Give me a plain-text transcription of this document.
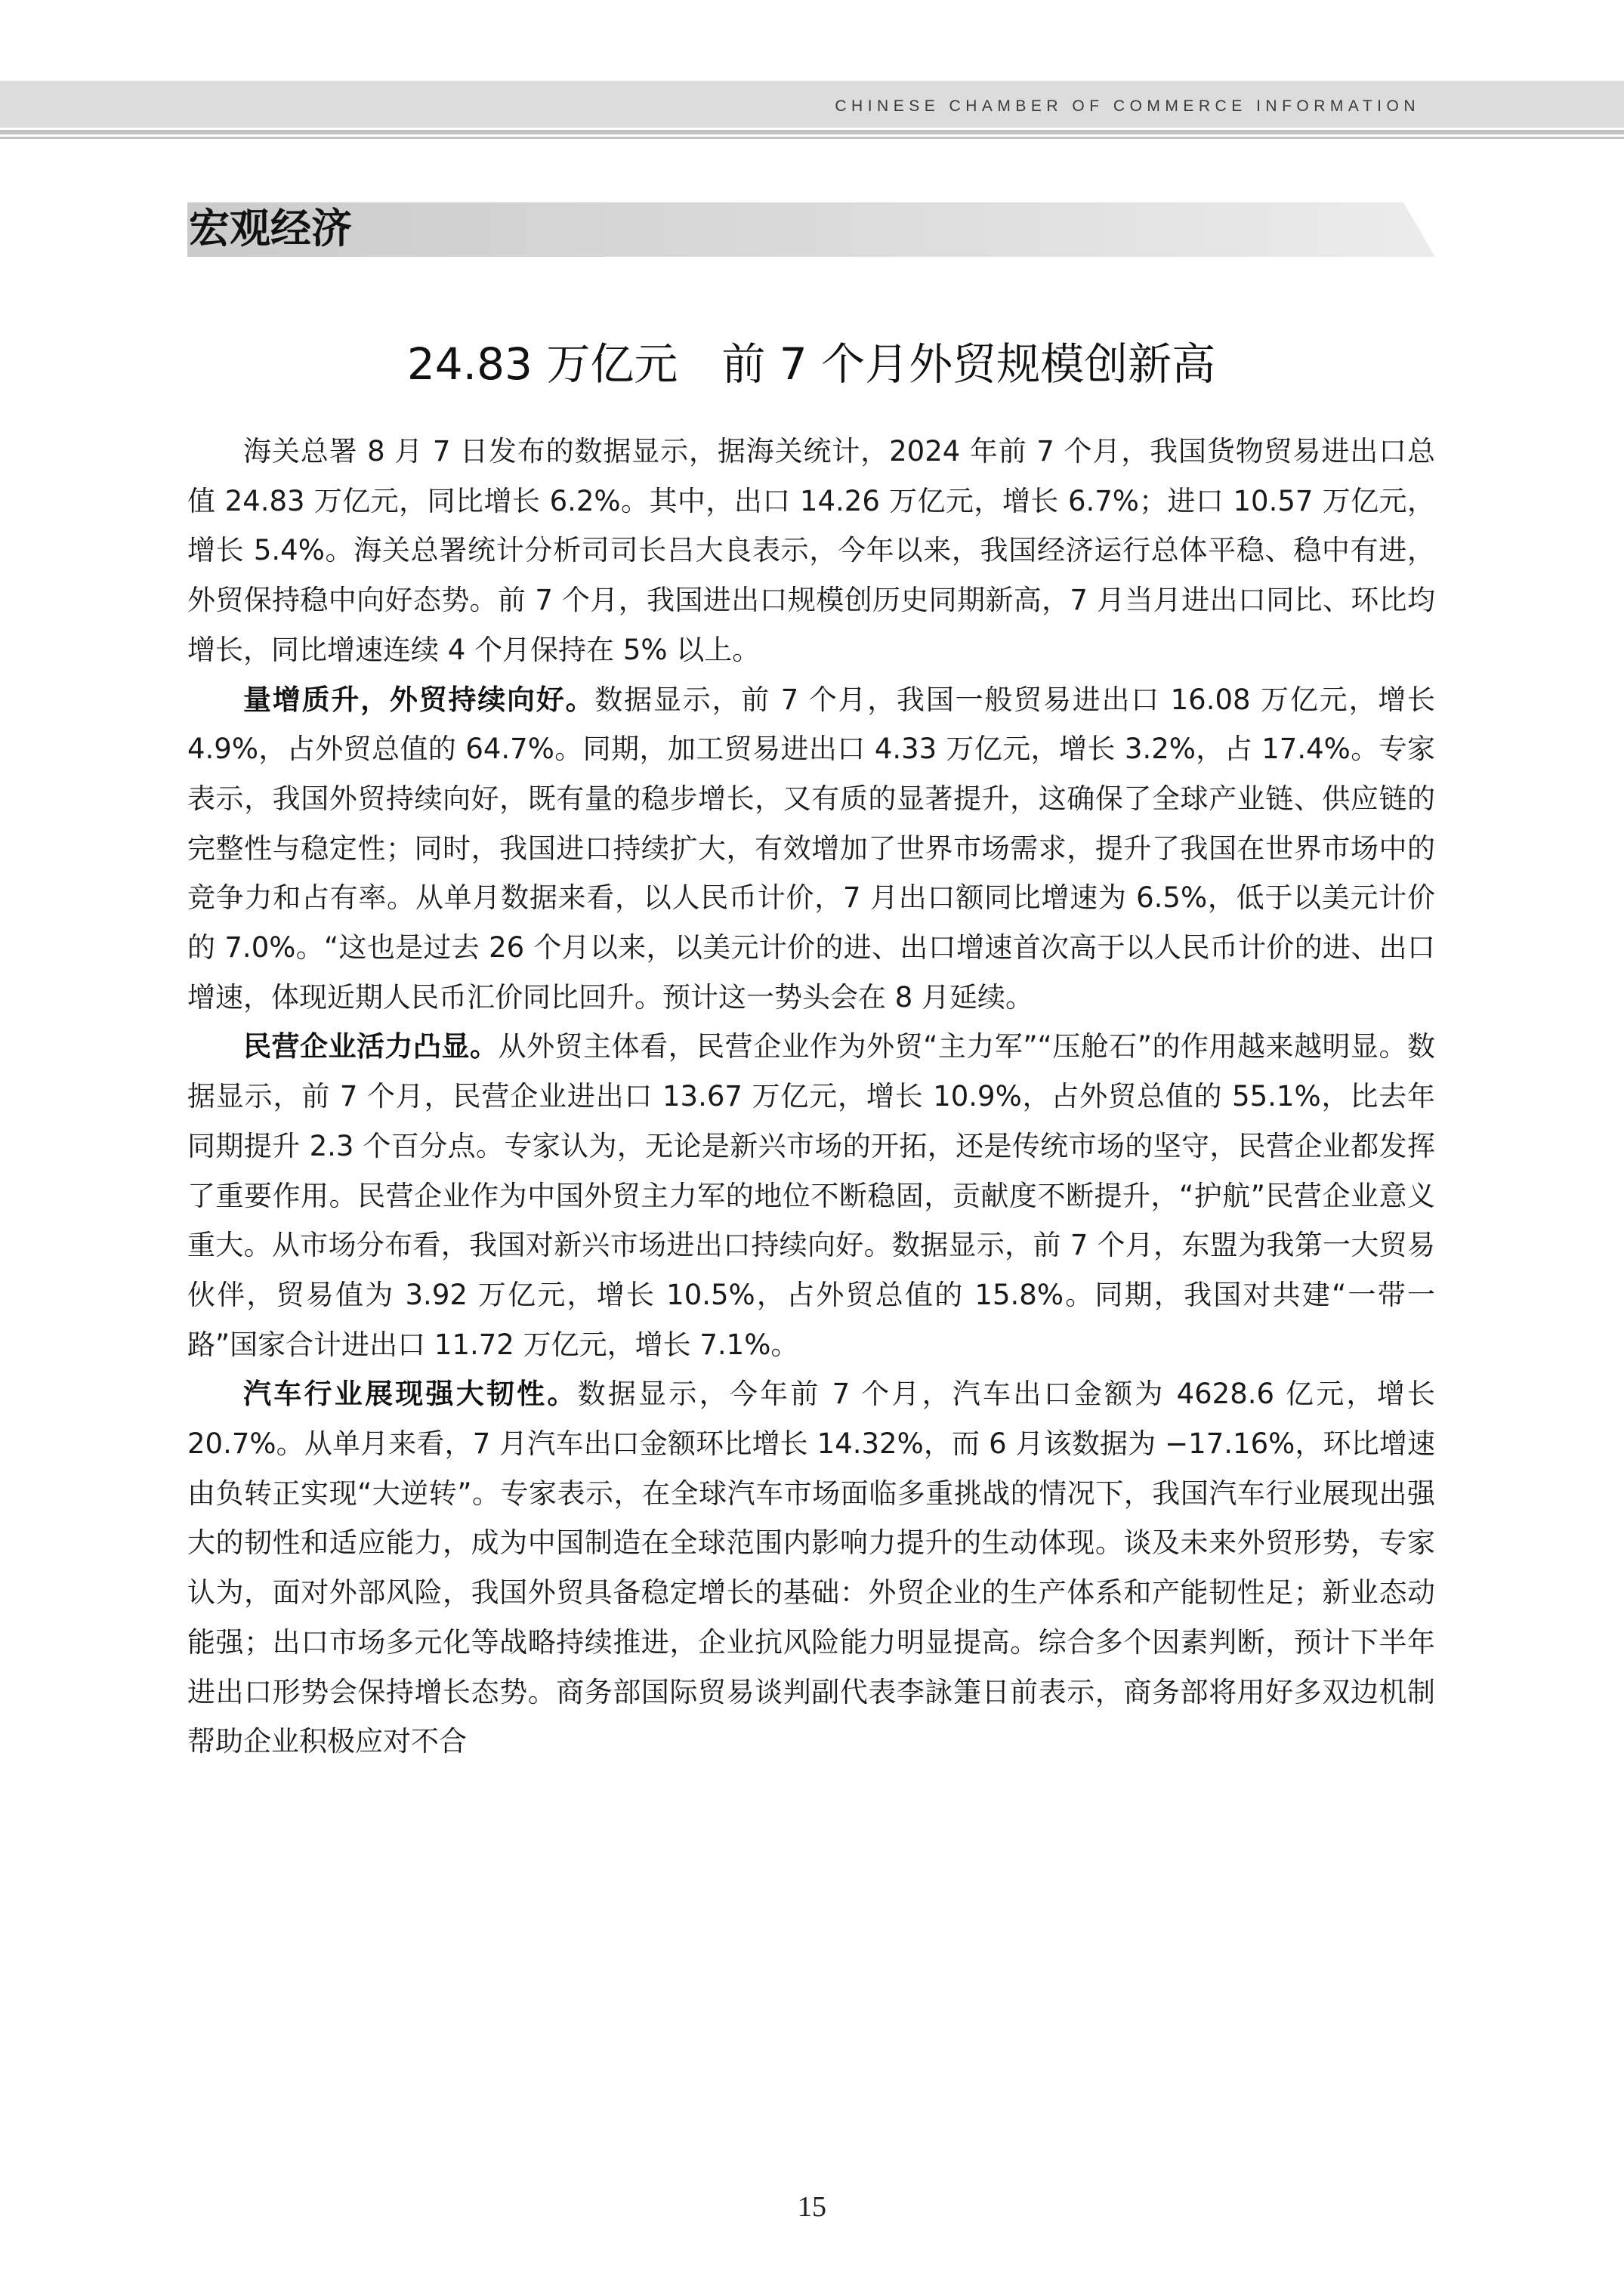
CHINESE CHAMBER OF COMMERCE INFORMATION
宏观经济
24.83 万亿元　前 7 个月外贸规模创新高

海关总署 8 月 7 日发布的数据显示，据海关统计，2024 年前 7 个月，我国货物贸易进出口总值 24.83 万亿元，同比增长 6.2%。其中，出口 14.26 万亿元，增长 6.7%；进口 10.57 万亿元，增长 5.4%。海关总署统计分析司司长吕大良表示，今年以来，我国经济运行总体平稳、稳中有进，外贸保持稳中向好态势。前 7 个月，我国进出口规模创历史同期新高，7 月当月进出口同比、环比均增长，同比增速连续 4 个月保持在 5% 以上。

量增质升，外贸持续向好。数据显示，前 7 个月，我国一般贸易进出口 16.08 万亿元，增长 4.9%，占外贸总值的 64.7%。同期，加工贸易进出口 4.33 万亿元，增长 3.2%，占 17.4%。专家表示，我国外贸持续向好，既有量的稳步增长，又有质的显著提升，这确保了全球产业链、供应链的完整性与稳定性；同时，我国进口持续扩大，有效增加了世界市场需求，提升了我国在世界市场中的竞争力和占有率。从单月数据来看，以人民币计价，7 月出口额同比增速为 6.5%，低于以美元计价的 7.0%。“这也是过去 26 个月以来，以美元计价的进、出口增速首次高于以人民币计价的进、出口增速，体现近期人民币汇价同比回升。预计这一势头会在 8 月延续。

民营企业活力凸显。从外贸主体看，民营企业作为外贸“主力军”“压舱石”的作用越来越明显。数据显示，前 7 个月，民营企业进出口 13.67 万亿元，增长 10.9%，占外贸总值的 55.1%，比去年同期提升 2.3 个百分点。专家认为，无论是新兴市场的开拓，还是传统市场的坚守，民营企业都发挥了重要作用。民营企业作为中国外贸主力军的地位不断稳固，贡献度不断提升，“护航”民营企业意义重大。从市场分布看，我国对新兴市场进出口持续向好。数据显示，前 7 个月，东盟为我第一大贸易伙伴，贸易值为 3.92 万亿元，增长 10.5%，占外贸总值的 15.8%。同期，我国对共建“一带一路”国家合计进出口 11.72 万亿元，增长 7.1%。

汽车行业展现强大韧性。数据显示，今年前 7 个月，汽车出口金额为 4628.6 亿元，增长 20.7%。从单月来看，7 月汽车出口金额环比增长 14.32%，而 6 月该数据为 −17.16%，环比增速由负转正实现“大逆转”。专家表示，在全球汽车市场面临多重挑战的情况下，我国汽车行业展现出强大的韧性和适应能力，成为中国制造在全球范围内影响力提升的生动体现。谈及未来外贸形势，专家认为，面对外部风险，我国外贸具备稳定增长的基础：外贸企业的生产体系和产能韧性足；新业态动能强；出口市场多元化等战略持续推进，企业抗风险能力明显提高。综合多个因素判断，预计下半年进出口形势会保持增长态势。商务部国际贸易谈判副代表李詠箑日前表示，商务部将用好多双边机制帮助企业积极应对不合

15
